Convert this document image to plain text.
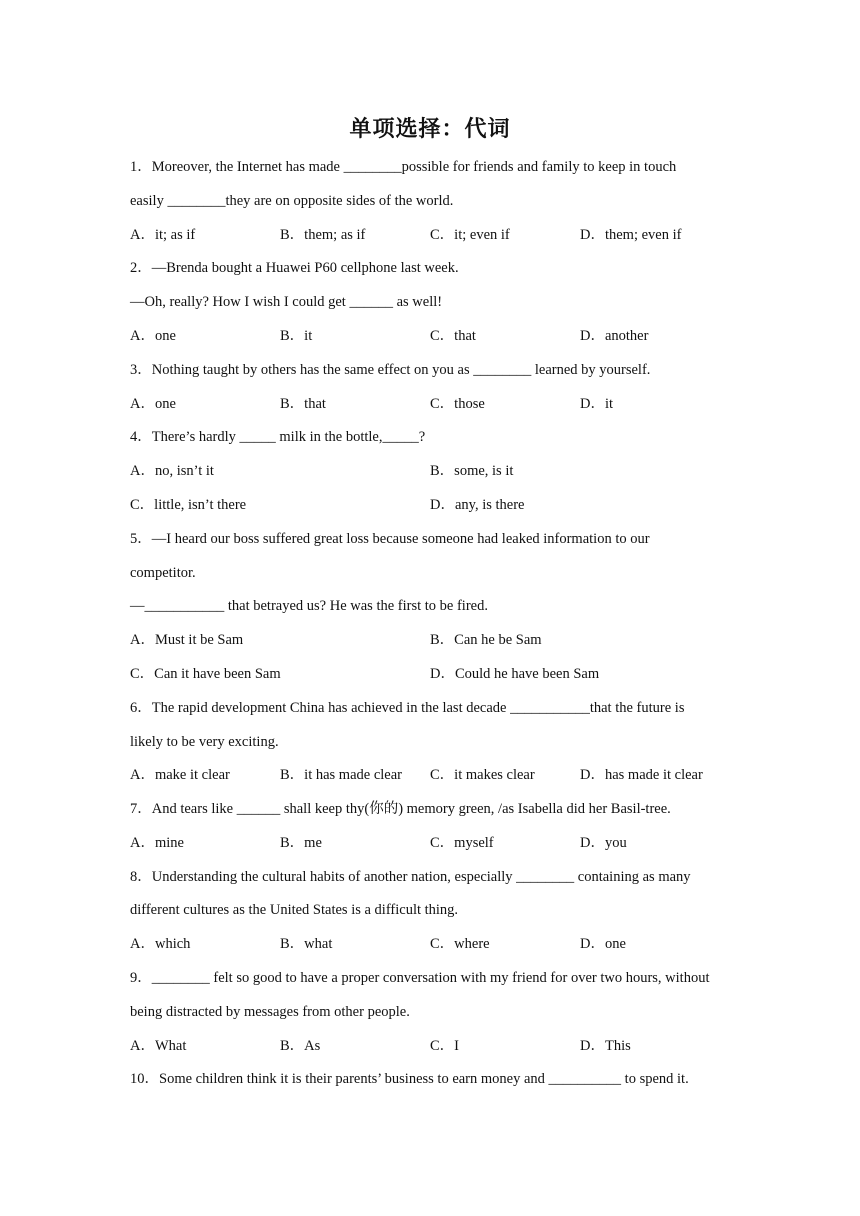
单项选择：代词
1．Moreover, the Internet has made ________possible for friends and family to keep in touch
easily ________they are on opposite sides of the world.
A．it; as if	B．them; as if	C．it; even if	D．them; even if
2．—Brenda bought a Huawei P60 cellphone last week.
—Oh, really? How I wish I could get ______ as well!
A．one	B．it	C．that	D．another
3．Nothing taught by others has the same effect on you as ________ learned by yourself.
A．one	B．that	C．those	D．it
4．There’s hardly _____ milk in the bottle,_____?
A．no, isn’t it	B．some, is it
C．little, isn’t there	D．any, is there
5．—I heard our boss suffered great loss because someone had leaked information to our
competitor.
—___________ that betrayed us? He was the first to be fired.
A．Must it be Sam	B．Can he be Sam
C．Can it have been Sam	D．Could he have been Sam
6．The rapid development China has achieved in the last decade ___________that the future is
likely to be very exciting.
A．make it clear	B．it has made clear C．it makes clear	D．has made it clear
7．And tears like ______ shall keep thy(你的) memory green, /as Isabella did her Basil-tree.
A．mine	B．me	C．myself	D．you
8．Understanding the cultural habits of another nation, especially ________ containing as many
different cultures as the United States is a difficult thing.
A．which	B．what	C．where	D．one
9．________ felt so good to have a proper conversation with my friend for over two hours, without
being distracted by messages from other people.
A．What	B．As	C．I	D．This
10．Some children think it is their parents’ business to earn money and __________ to spend it.
